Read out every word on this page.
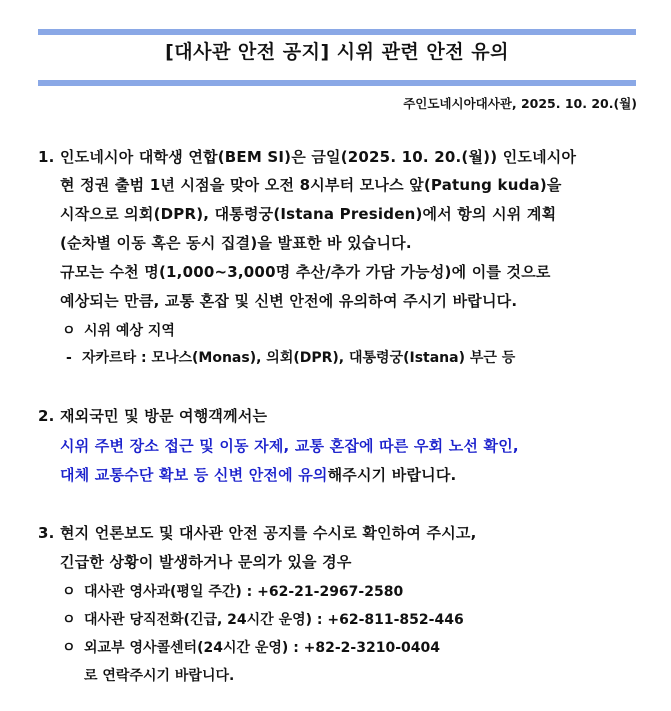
[대사관 안전 공지] 시위 관련 안전 유의
주인도네시아대사관, 2025. 10. 20.(월)
1. 인도네시아 대학생 연합(BEM SI)은 금일(2025. 10. 20.(월)) 인도네시아
현 정권 출범 1년 시점을 맞아 오전 8시부터 모나스 앞(Patung kuda)을
시작으로 의회(DPR), 대통령궁(Istana Presiden)에서 항의 시위 계획
(순차별 이동 혹은 동시 집결)을 발표한 바 있습니다.
규모는 수천 명(1,000~3,000명 추산/추가 가담 가능성)에 이를 것으로
예상되는 만큼, 교통 혼잡 및 신변 안전에 유의하여 주시기 바랍니다.
ㅇ 시위 예상 지역
- 자카르타 : 모나스(Monas), 의회(DPR), 대통령궁(Istana) 부근 등
2. 재외국민 및 방문 여행객께서는
시위 주변 장소 접근 및 이동 자제, 교통 혼잡에 따른 우회 노선 확인,
대체 교통수단 확보 등 신변 안전에 유의해주시기 바랍니다.
3. 현지 언론보도 및 대사관 안전 공지를 수시로 확인하여 주시고,
긴급한 상황이 발생하거나 문의가 있을 경우
ㅇ 대사관 영사과(평일 주간) : +62-21-2967-2580
ㅇ 대사관 당직전화(긴급, 24시간 운영) : +62-811-852-446
ㅇ 외교부 영사콜센터(24시간 운영) : +82-2-3210-0404
로 연락주시기 바랍니다.
